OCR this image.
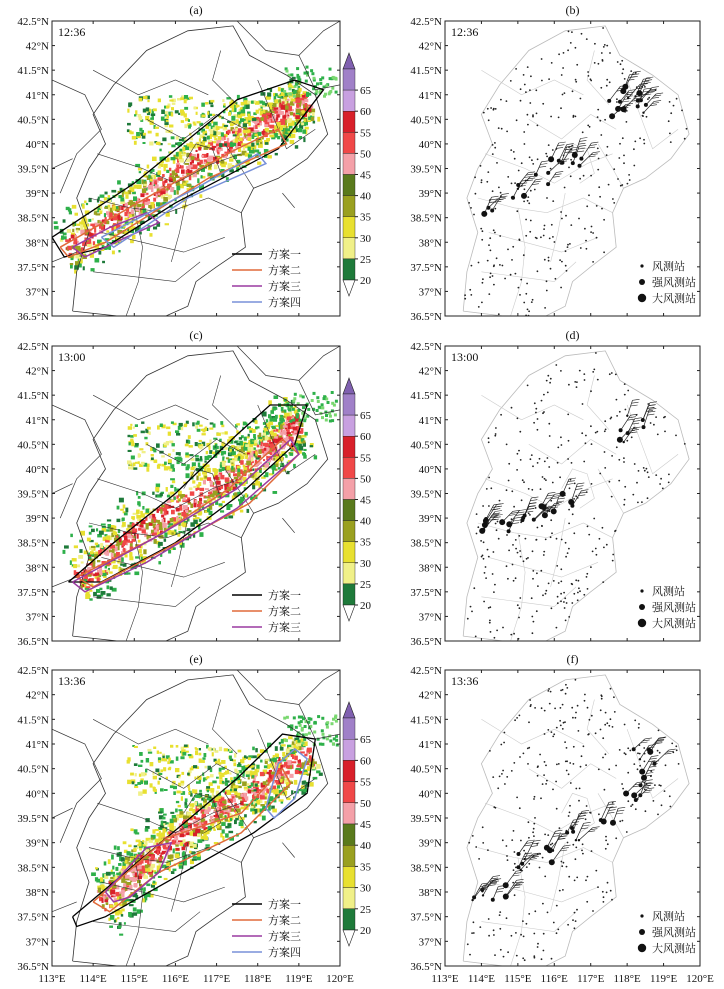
(a)
方案一
方案二
方案三
方案四
12:36
42.5°N
42°N
41.5°N
41°N
40.5°N
40°N
39.5°N
39°N
38.5°N
38°N
37.5°N
37°N
36.5°N
65
60
55
50
45
40
35
30
25
20
(b)
风测站
强风测站
大风测站
12:36
42.5°N
42°N
41.5°N
41°N
40.5°N
40°N
39.5°N
39°N
38.5°N
38°N
37.5°N
37°N
36.5°N
(c)
方案一
方案二
方案三
13:00
42.5°N
42°N
41.5°N
41°N
40.5°N
40°N
39.5°N
39°N
38.5°N
38°N
37.5°N
37°N
36.5°N
65
60
55
50
45
40
35
30
25
20
(d)
风测站
强风测站
大风测站
13:00
42.5°N
42°N
41.5°N
41°N
40.5°N
40°N
39.5°N
39°N
38.5°N
38°N
37.5°N
37°N
36.5°N
(e)
方案一
方案二
方案三
方案四
13:36
42.5°N
42°N
41.5°N
41°N
40.5°N
40°N
39.5°N
39°N
38.5°N
38°N
37.5°N
37°N
36.5°N
113°E 114°E 115°E 116°E 117°E 118°E 119°E 120°E
65
60
55
50
45
40
35
30
25
20
(f)
风测站
强风测站
大风测站
13:36
42.5°N
42°N
41.5°N
41°N
40.5°N
40°N
39.5°N
39°N
38.5°N
38°N
37.5°N
37°N
36.5°N
113°E 114°E 115°E 116°E 117°E 118°E 119°E 120°E
